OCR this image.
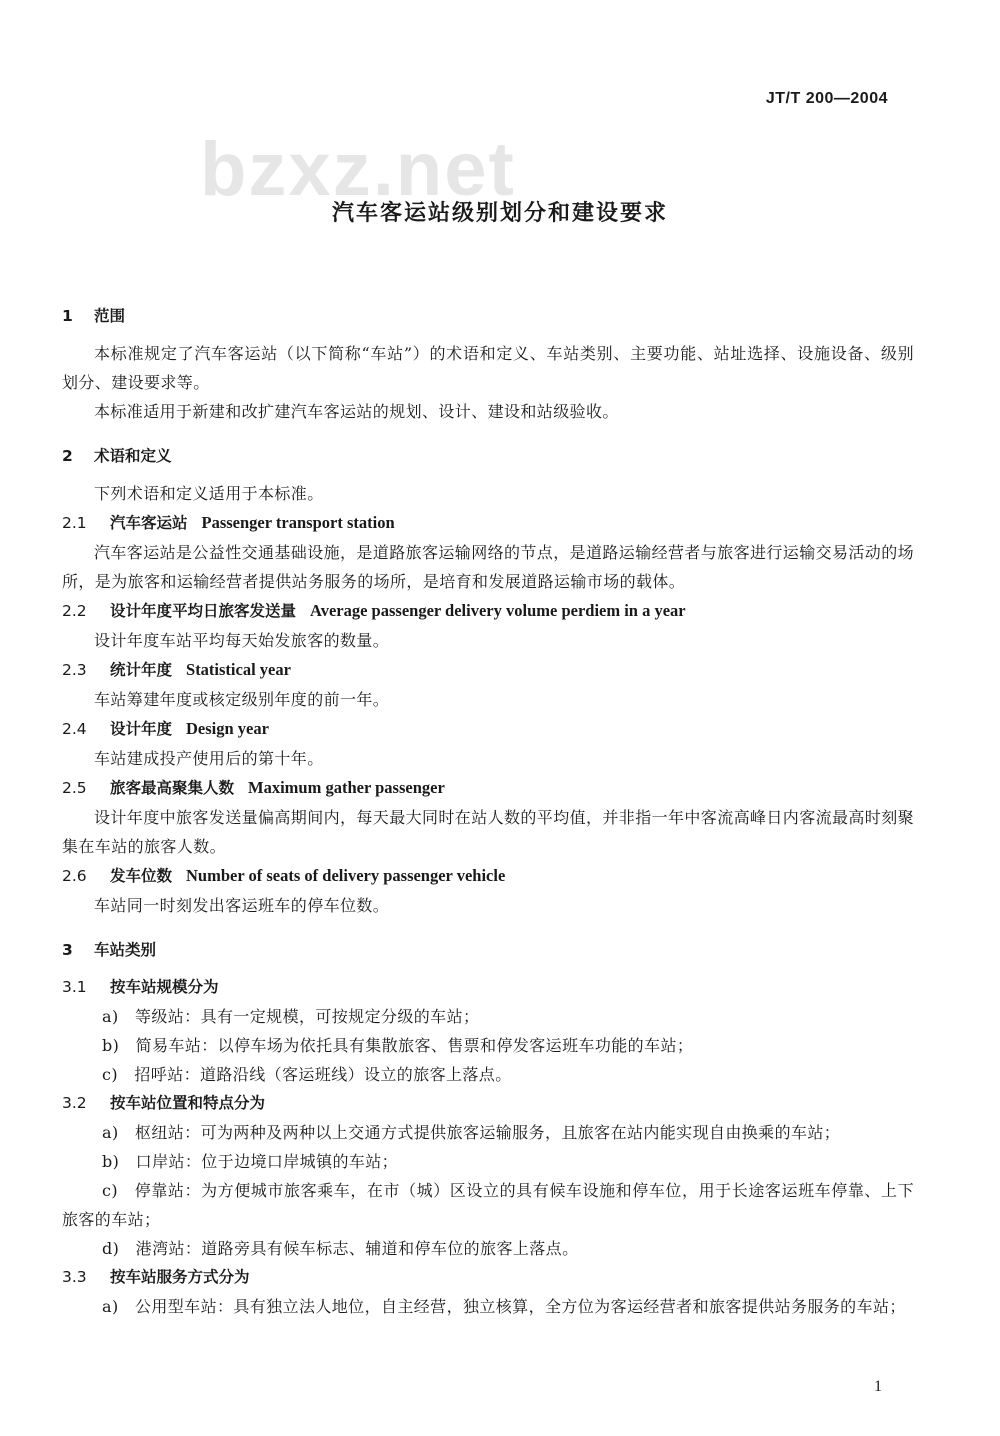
JT/T 200—2004
bzxz.net
汽车客运站级别划分和建设要求

1 范围

本标准规定了汽车客运站（以下简称“车站”）的术语和定义、车站类别、主要功能、站址选择、设施设备、级别划分、建设要求等。

本标准适用于新建和改扩建汽车客运站的规划、设计、建设和站级验收。

2 术语和定义

下列术语和定义适用于本标准。

2.1 汽车客运站 Passenger transport station

汽车客运站是公益性交通基础设施，是道路旅客运输网络的节点，是道路运输经营者与旅客进行运输交易活动的场所，是为旅客和运输经营者提供站务服务的场所，是培育和发展道路运输市场的载体。

2.2 设计年度平均日旅客发送量 Average passenger delivery volume perdiem in a year

设计年度车站平均每天始发旅客的数量。

2.3 统计年度 Statistical year

车站筹建年度或核定级别年度的前一年。

2.4 设计年度 Design year

车站建成投产使用后的第十年。

2.5 旅客最高聚集人数 Maximum gather passenger

设计年度中旅客发送量偏高期间内，每天最大同时在站人数的平均值，并非指一年中客流高峰日内客流最高时刻聚集在车站的旅客人数。

2.6 发车位数 Number of seats of delivery passenger vehicle

车站同一时刻发出客运班车的停车位数。

3 车站类别

3.1 按车站规模分为

a)　等级站：具有一定规模，可按规定分级的车站；

b)　简易车站：以停车场为依托具有集散旅客、售票和停发客运班车功能的车站；

c)　招呼站：道路沿线（客运班线）设立的旅客上落点。

3.2 按车站位置和特点分为

a)　枢纽站：可为两种及两种以上交通方式提供旅客运输服务，且旅客在站内能实现自由换乘的车站；

b)　口岸站：位于边境口岸城镇的车站；

c)　停靠站：为方便城市旅客乘车，在市（城）区设立的具有候车设施和停车位，用于长途客运班车停靠、上下旅客的车站；

d)　港湾站：道路旁具有候车标志、辅道和停车位的旅客上落点。

3.3 按车站服务方式分为

a)　公用型车站：具有独立法人地位，自主经营，独立核算，全方位为客运经营者和旅客提供站务服务的车站；

1
